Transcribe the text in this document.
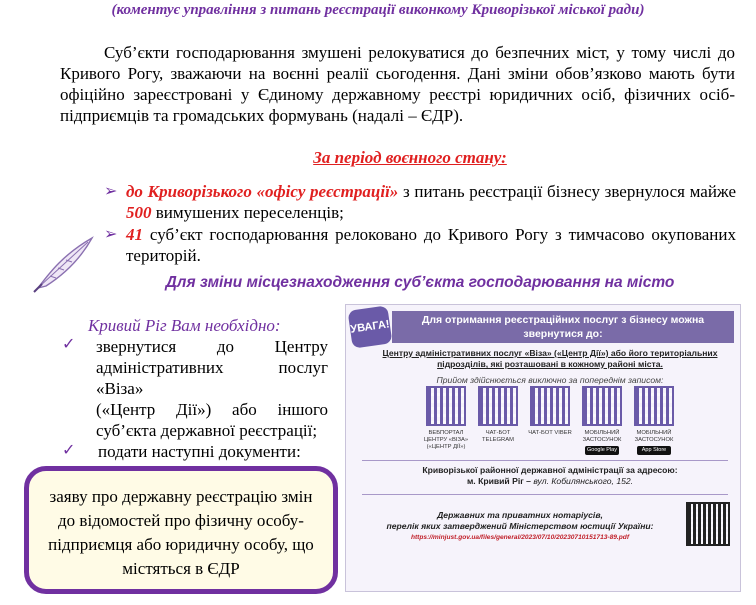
(коментує управління з питань реєстрації виконкому Криворізької міської ради)
Суб’єкти господарювання змушені релокуватися до безпечних міст, у тому числі до Кривого Рогу, зважаючи на воєнні реалії сьогодення. Дані зміни обов’язково мають бути офіційно зареєстровані у Єдиному державному реєстрі юридичних осіб, фізичних осіб-підприємців та громадських формувань (надалі – ЄДР).
За період воєнного стану:
➢ до Криворізького «офісу реєстрації» з питань реєстрації бізнесу звернулося майже 500 вимушених переселенців;
➢ 41 суб’єкт господарювання релоковано до Кривого Рогу з тимчасово окупованих територій.
Для зміни місцезнаходження суб’єкта господарювання на місто
Кривий Ріг Вам необхідно:
✓ звернутися до Центру
адміністративних послуг «Віза»
(«Центр Дії») або іншого
суб’єкта державної реєстрації;
✓ подати наступні документи:
заяву про державну реєстрацію змін до відомостей про фізичну особу-підприємця або юридичну особу, що містяться в ЄДР
УВАГА!	Для отримання реєстраційних послуг з бізнесу можна звернутися до:
Центру адміністративних послуг «Віза» («Центр Дії») або його територіальних підрозділів, які розташовані в кожному районі міста.
Прийом здійснюється виключно за попереднім записом:
ВЕБПОРТАЛ ЦЕНТРУ «ВІЗА» («ЦЕНТР ДІЇ»)
ЧАТ-БОТ TELEGRAM
ЧАТ-БОТ VIBER	МОБІЛЬНИЙ ЗАСТОСУНОК
МОБІЛЬНИЙ ЗАСТОСУНОК
Google Play	App Store
Криворізької районної державної адміністрації за адресою:
м. Кривий Ріг – вул. Кобилянського, 152.
Державних та приватних нотаріусів,
перелік яких затверджений Міністерством юстиції України:
https://minjust.gov.ua/files/general/2023/07/10/20230710151713-89.pdf
